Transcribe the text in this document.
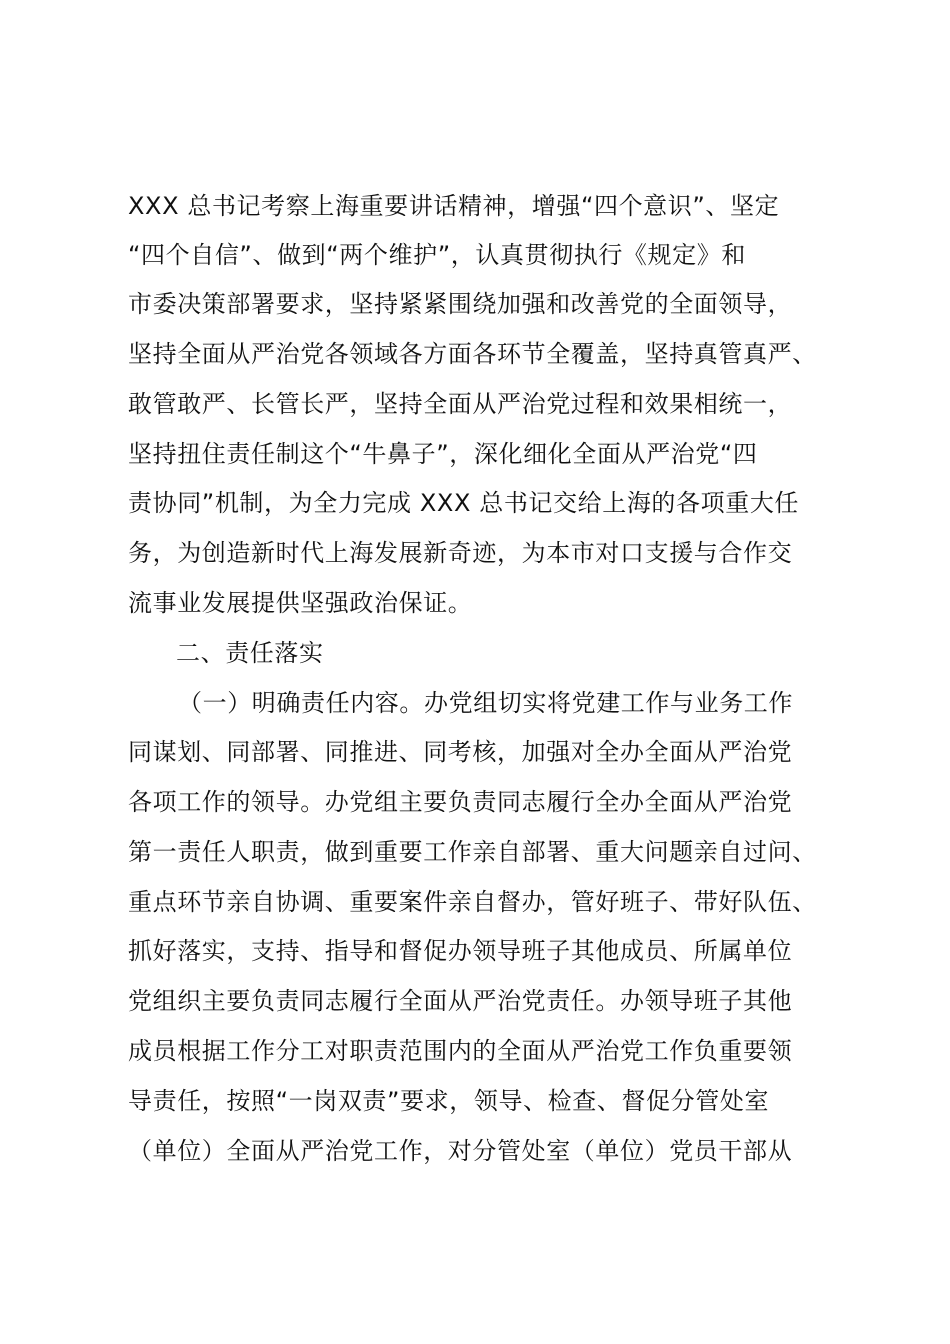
XXX 总书记考察上海重要讲话精神，增强“四个意识”、坚定
“四个自信”、做到“两个维护”，认真贯彻执行《规定》和
市委决策部署要求，坚持紧紧围绕加强和改善党的全面领导，
坚持全面从严治党各领域各方面各环节全覆盖，坚持真管真严、
敢管敢严、长管长严，坚持全面从严治党过程和效果相统一，
坚持扭住责任制这个“牛鼻子”，深化细化全面从严治党“四
责协同”机制，为全力完成 XXX 总书记交给上海的各项重大任
务，为创造新时代上海发展新奇迹，为本市对口支援与合作交
流事业发展提供坚强政治保证。
二、责任落实
（一）明确责任内容。办党组切实将党建工作与业务工作
同谋划、同部署、同推进、同考核，加强对全办全面从严治党
各项工作的领导。办党组主要负责同志履行全办全面从严治党
第一责任人职责，做到重要工作亲自部署、重大问题亲自过问、
重点环节亲自协调、重要案件亲自督办，管好班子、带好队伍、
抓好落实，支持、指导和督促办领导班子其他成员、所属单位
党组织主要负责同志履行全面从严治党责任。办领导班子其他
成员根据工作分工对职责范围内的全面从严治党工作负重要领
导责任，按照“一岗双责”要求，领导、检查、督促分管处室
（单位）全面从严治党工作，对分管处室（单位）党员干部从
